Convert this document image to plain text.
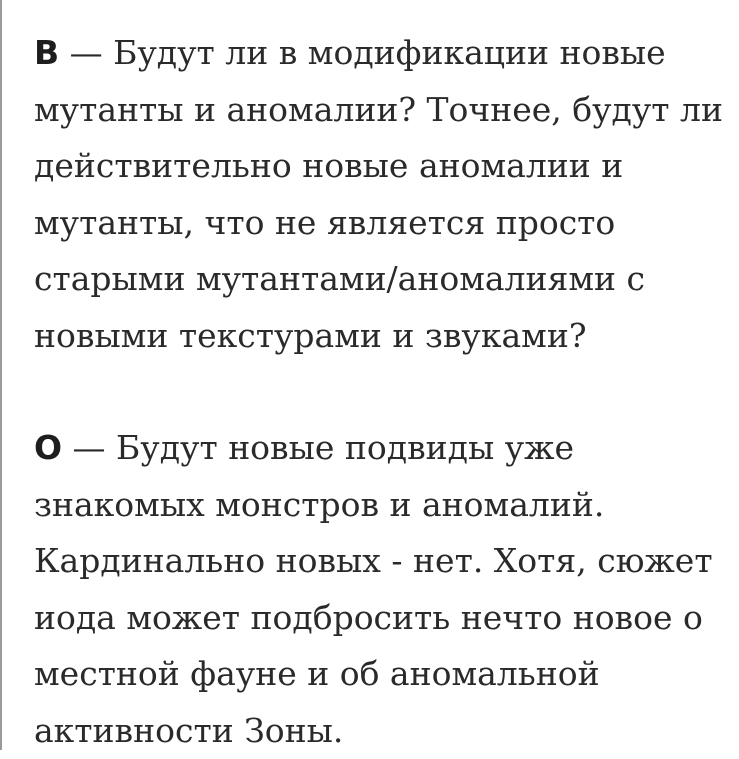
В — Будут ли в модификации новые мутанты и аномалии? Точнее, будут ли действительно новые аномалии и мутанты, что не является просто старыми мутантами/аномалиями с новыми текстурами и звуками?

О — Будут новые подвиды уже знакомых монстров и аномалий. Кардинально новых - нет. Хотя, сюжет иода может подбросить нечто новое о местной фауне и об аномальной активности Зоны.
